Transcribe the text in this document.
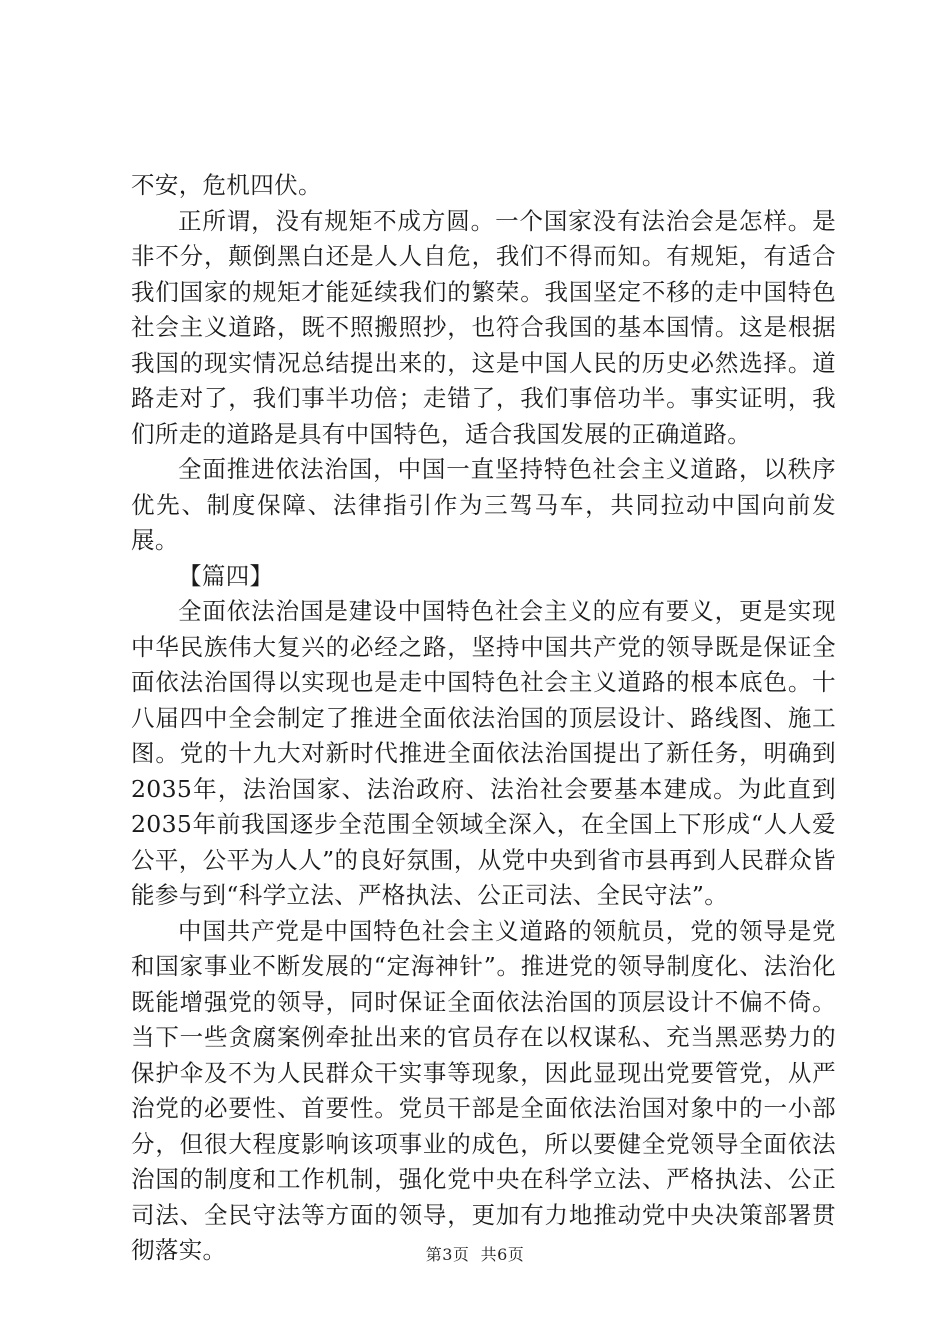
不安，危机四伏。

正所谓，没有规矩不成方圆。一个国家没有法治会是怎样。是非不分，颠倒黑白还是人人自危，我们不得而知。有规矩，有适合我们国家的规矩才能延续我们的繁荣。我国坚定不移的走中国特色社会主义道路，既不照搬照抄，也符合我国的基本国情。这是根据我国的现实情况总结提出来的，这是中国人民的历史必然选择。道路走对了，我们事半功倍；走错了，我们事倍功半。事实证明，我们所走的道路是具有中国特色，适合我国发展的正确道路。

全面推进依法治国，中国一直坚持特色社会主义道路，以秩序优先、制度保障、法律指引作为三驾马车，共同拉动中国向前发展。

【篇四】

全面依法治国是建设中国特色社会主义的应有要义，更是实现中华民族伟大复兴的必经之路，坚持中国共产党的领导既是保证全面依法治国得以实现也是走中国特色社会主义道路的根本底色。十八届四中全会制定了推进全面依法治国的顶层设计、路线图、施工图。党的十九大对新时代推进全面依法治国提出了新任务，明确到2035年，法治国家、法治政府、法治社会要基本建成。为此直到2035年前我国逐步全范围全领域全深入，在全国上下形成“人人爱公平，公平为人人”的良好氛围，从党中央到省市县再到人民群众皆能参与到“科学立法、严格执法、公正司法、全民守法”。

中国共产党是中国特色社会主义道路的领航员，党的领导是党和国家事业不断发展的“定海神针”。推进党的领导制度化、法治化既能增强党的领导，同时保证全面依法治国的顶层设计不偏不倚。当下一些贪腐案例牵扯出来的官员存在以权谋私、充当黑恶势力的保护伞及不为人民群众干实事等现象，因此显现出党要管党，从严治党的必要性、首要性。党员干部是全面依法治国对象中的一小部分，但很大程度影响该项事业的成色，所以要健全党领导全面依法治国的制度和工作机制，强化党中央在科学立法、严格执法、公正司法、全民守法等方面的领导，更加有力地推动党中央决策部署贯彻落实。	第3页  共6页
